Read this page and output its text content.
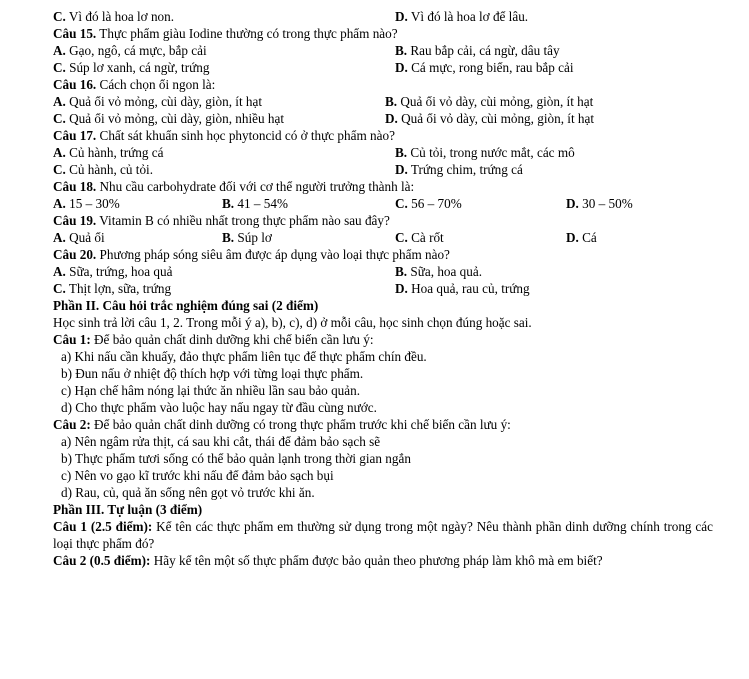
C. Vì đó là hoa lơ non.	D. Vì đó là hoa lơ để lâu.
Câu 15. Thực phẩm giàu Iodine thường có trong thực phẩm nào?
A. Gạo, ngô, cá mực, bắp cải	B. Rau bắp cải, cá ngừ, dâu tây
C. Súp lơ xanh, cá ngừ, trứng	D. Cá mực, rong biển, rau bắp cải
Câu 16. Cách chọn ổi ngon là:
A. Quả ổi vỏ mỏng, cùi dày, giòn, ít hạt	B. Quả ổi vỏ dày, cùi mỏng, giòn, ít hạt
C. Quả ổi vỏ mỏng, cùi dày, giòn, nhiều hạt	D. Quả ổi vỏ dày, cùi mỏng, giòn, ít hạt
Câu 17. Chất sát khuẩn sinh học phytoncid có ở thực phẩm nào?
A. Củ hành, trứng cá	B. Củ tỏi, trong nước mắt, các mô
C. Củ hành, củ tỏi.	D. Trứng chim, trứng cá
Câu 18. Nhu cầu carbohydrate đối với cơ thể người trưởng thành là:
A. 15 – 30%	B. 41 – 54%	C. 56 – 70%	D. 30 – 50%
Câu 19. Vitamin B có nhiều nhất trong thực phẩm nào sau đây?
A. Quả ổi	B. Súp lơ	C. Cà rốt	D. Cá
Câu 20. Phương pháp sóng siêu âm được áp dụng vào loại thực phẩm nào?
A. Sữa, trứng, hoa quả	B. Sữa, hoa quả.
C. Thịt lợn, sữa, trứng	D. Hoa quả, rau củ, trứng
Phần II. Câu hỏi trắc nghiệm đúng sai (2 điểm)
Học sinh trả lời câu 1, 2. Trong mỗi ý a), b), c), d) ở mỗi câu, học sinh chọn đúng hoặc sai.
Câu 1: Để bảo quản chất dinh dưỡng khi chế biến cần lưu ý:
a) Khi nấu cần khuấy, đảo thực phẩm liên tục để thực phẩm chín đều.
b) Đun nấu ở nhiệt độ thích hợp với từng loại thực phẩm.
c) Hạn chế hâm nóng lại thức ăn nhiều lần sau bảo quản.
d) Cho thực phẩm vào luộc hay nấu ngay từ đầu cùng nước.
Câu 2: Để bảo quản chất dinh dưỡng có trong thực phẩm trước khi chế biến cần lưu ý:
a) Nên ngâm rửa thịt, cá sau khi cắt, thái để đảm bảo sạch sẽ
b) Thực phẩm tươi sống có thể bảo quản lạnh trong thời gian ngắn
c) Nên vo gạo kĩ trước khi nấu để đảm bảo sạch bụi
d) Rau, củ, quả ăn sống nên gọt vỏ trước khi ăn.
Phần III. Tự luận (3 điểm)
Câu 1 (2.5 điểm): Kể tên các thực phẩm em thường sử dụng trong một ngày? Nêu thành phần dinh dưỡng chính trong các loại thực phẩm đó?
Câu 2 (0.5 điểm): Hãy kể tên một số thực phẩm được bảo quản theo phương pháp làm khô mà em biết?
